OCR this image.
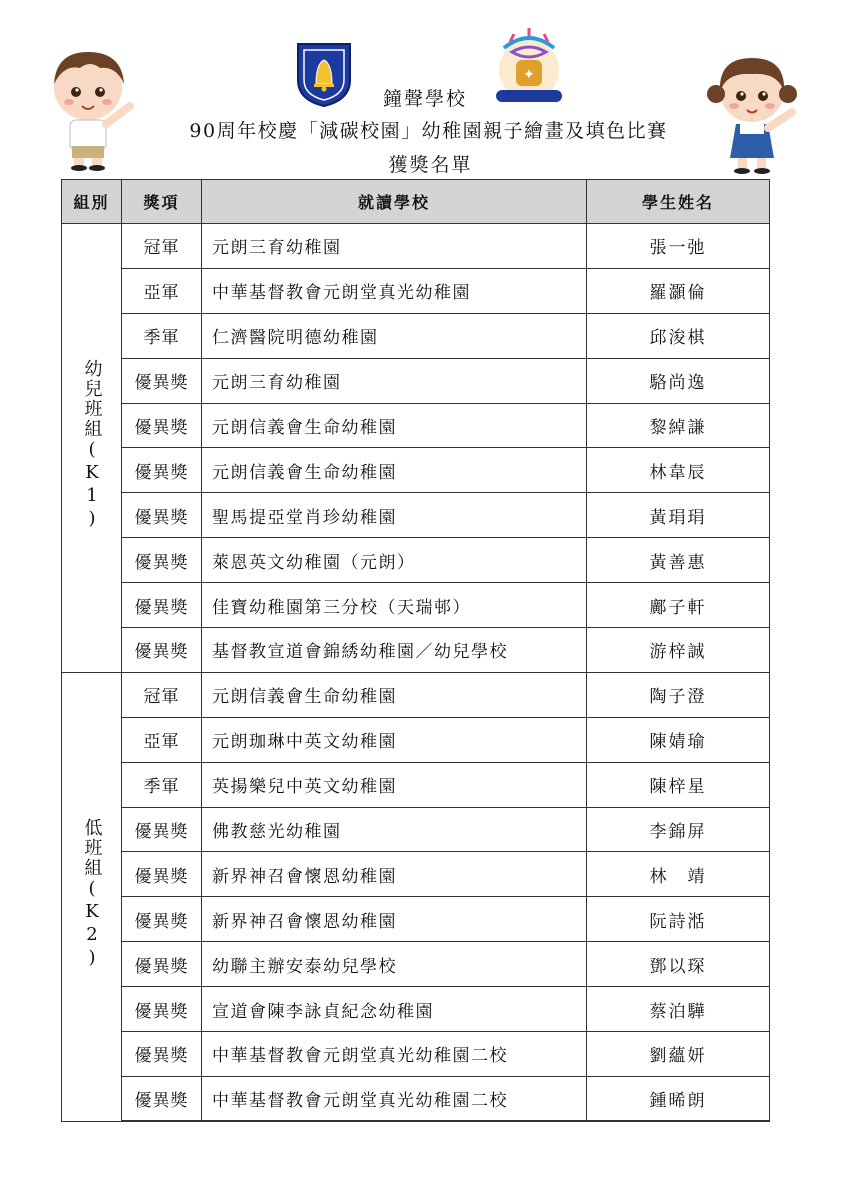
✦
鐘聲學校
90周年校慶「減碳校園」幼稚園親子繪畫及填色比賽
獲獎名單
組別	獎項	就讀學校	學生姓名
幼兒班組(K1)	冠軍	元朗三育幼稚園	張一弛
	亞軍	中華基督教會元朗堂真光幼稚園	羅灝倫
	季軍	仁濟醫院明德幼稚園	邱浚棋
	優異獎	元朗三育幼稚園	駱尚逸
	優異獎	元朗信義會生命幼稚園	黎綽謙
	優異獎	元朗信義會生命幼稚園	林韋辰
	優異獎	聖馬提亞堂肖珍幼稚園	黃琄琄
	優異獎	萊恩英文幼稚園（元朗）	黃善惠
	優異獎	佳寶幼稚園第三分校（天瑞邨）	鄺子軒
	優異獎	基督教宣道會錦綉幼稚園／幼兒學校	游梓誠
低班組(K2)	冠軍	元朗信義會生命幼稚園	陶子澄
	亞軍	元朗珈琳中英文幼稚園	陳婧瑜
	季軍	英揚樂兒中英文幼稚園	陳梓星
	優異獎	佛教慈光幼稚園	李錦屏
	優異獎	新界神召會懷恩幼稚園	林　靖
	優異獎	新界神召會懷恩幼稚園	阮詩湉
	優異獎	幼聯主辦安泰幼兒學校	鄧以琛
	優異獎	宣道會陳李詠貞紀念幼稚園	蔡泊驊
	優異獎	中華基督教會元朗堂真光幼稚園二校	劉蘊妍
	優異獎	中華基督教會元朗堂真光幼稚園二校	鍾晞朗
